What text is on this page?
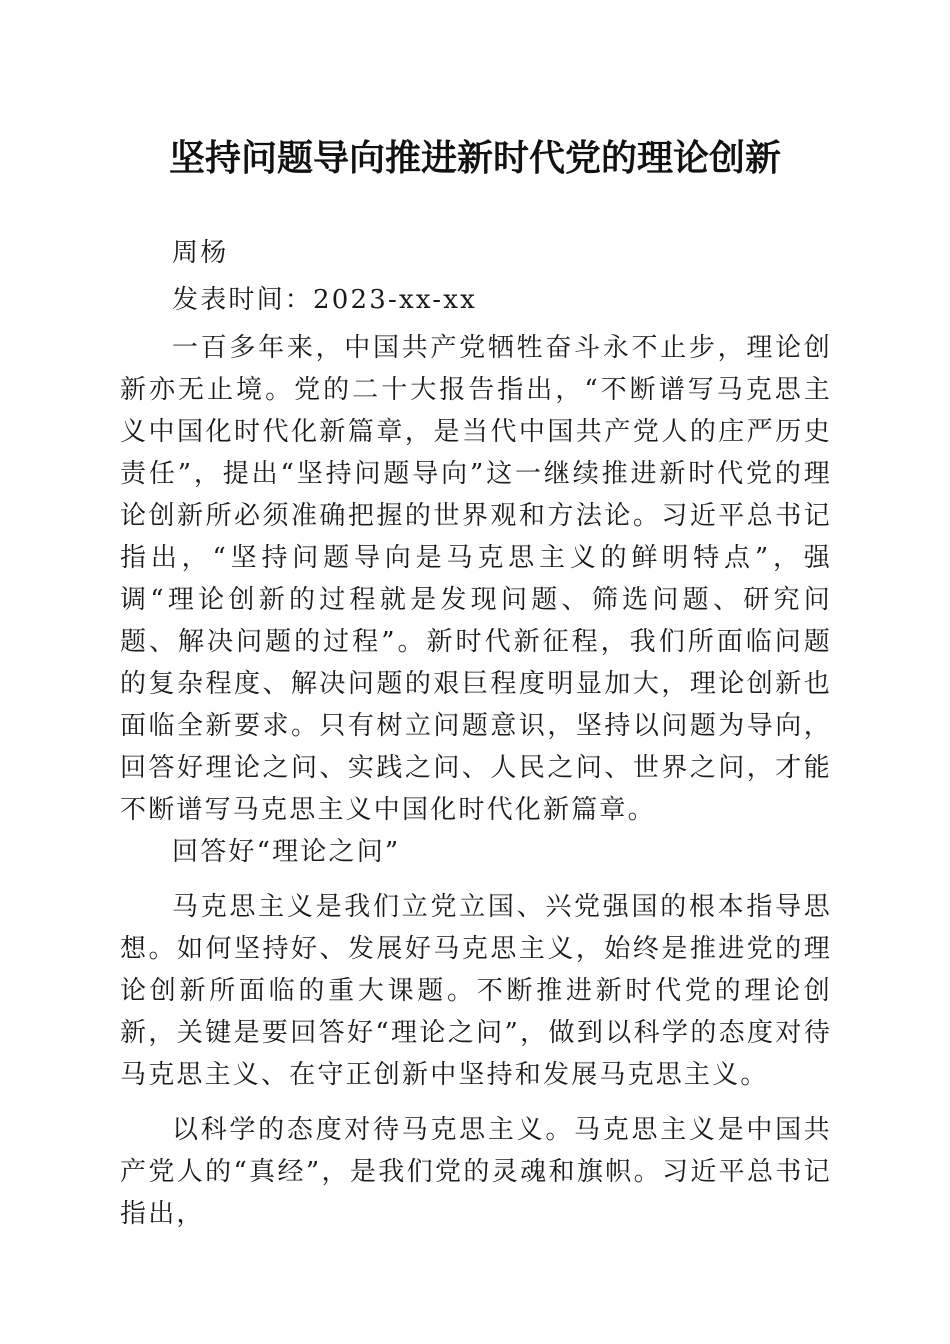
坚持问题导向推进新时代党的理论创新

周杨

发表时间：2023-xx-xx

一百多年来，中国共产党牺牲奋斗永不止步，理论创新亦无止境。党的二十大报告指出，“不断谱写马克思主义中国化时代化新篇章，是当代中国共产党人的庄严历史责任”，提出“坚持问题导向”这一继续推进新时代党的理论创新所必须准确把握的世界观和方法论。习近平总书记指出，“坚持问题导向是马克思主义的鲜明特点”，强调“理论创新的过程就是发现问题、筛选问题、研究问题、解决问题的过程”。新时代新征程，我们所面临问题的复杂程度、解决问题的艰巨程度明显加大，理论创新也面临全新要求。只有树立问题意识，坚持以问题为导向，回答好理论之问、实践之问、人民之问、世界之问，才能不断谱写马克思主义中国化时代化新篇章。

回答好“理论之问”

马克思主义是我们立党立国、兴党强国的根本指导思想。如何坚持好、发展好马克思主义，始终是推进党的理论创新所面临的重大课题。不断推进新时代党的理论创新，关键是要回答好“理论之问”，做到以科学的态度对待马克思主义、在守正创新中坚持和发展马克思主义。

以科学的态度对待马克思主义。马克思主义是中国共产党人的“真经”，是我们党的灵魂和旗帜。习近平总书记指出，
